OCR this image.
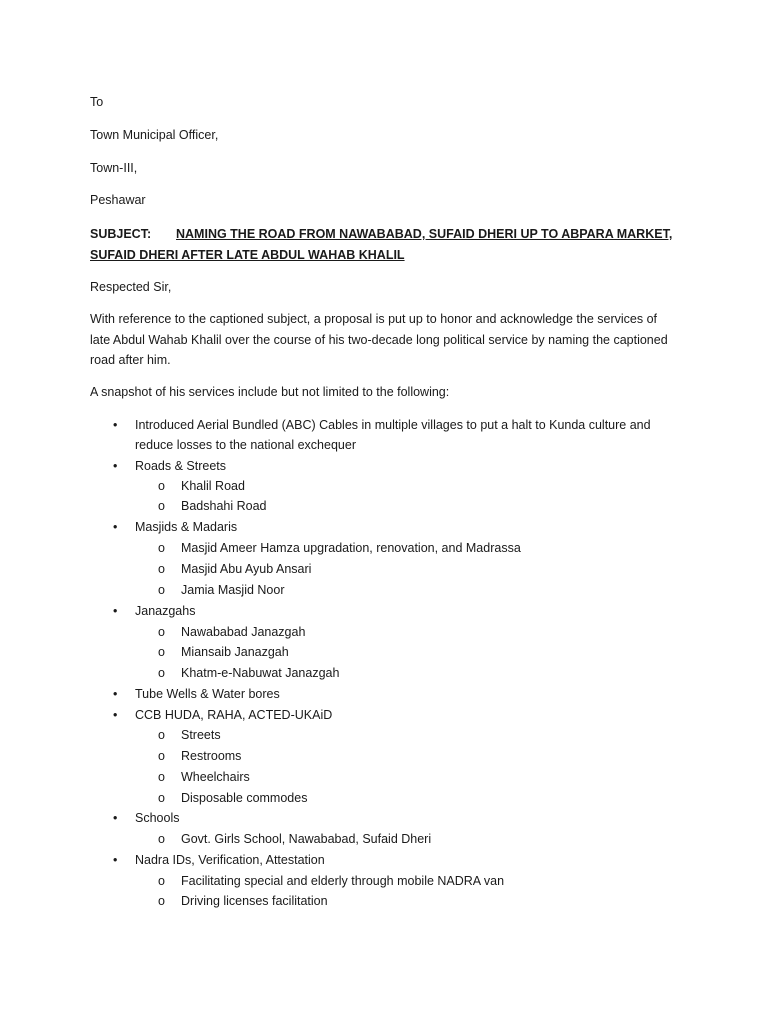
To
Town Municipal Officer,
Town-III,
Peshawar
SUBJECT: NAMING THE ROAD FROM NAWABABAD, SUFAID DHERI UP TO ABPARA MARKET,
SUFAID DHERI AFTER LATE ABDUL WAHAB KHALIL
Respected Sir,
With reference to the captioned subject, a proposal is put up to honor and acknowledge the services of late Abdul Wahab Khalil over the course of his two-decade long political service by naming the captioned road after him.
A snapshot of his services include but not limited to the following:
• Introduced Aerial Bundled (ABC) Cables in multiple villages to put a halt to Kunda culture and reduce losses to the national exchequer
• Roads & Streets
o Khalil Road
o Badshahi Road
• Masjids & Madaris
o Masjid Ameer Hamza upgradation, renovation, and Madrassa
o Masjid Abu Ayub Ansari
o Jamia Masjid Noor
• Janazgahs
o Nawababad Janazgah
o Miansaib Janazgah
o Khatm-e-Nabuwat Janazgah
• Tube Wells & Water bores
• CCB HUDA, RAHA, ACTED-UKAiD
o Streets
o Restrooms
o Wheelchairs
o Disposable commodes
• Schools
o Govt. Girls School, Nawababad, Sufaid Dheri
• Nadra IDs, Verification, Attestation
o Facilitating special and elderly through mobile NADRA van
o Driving licenses facilitation
